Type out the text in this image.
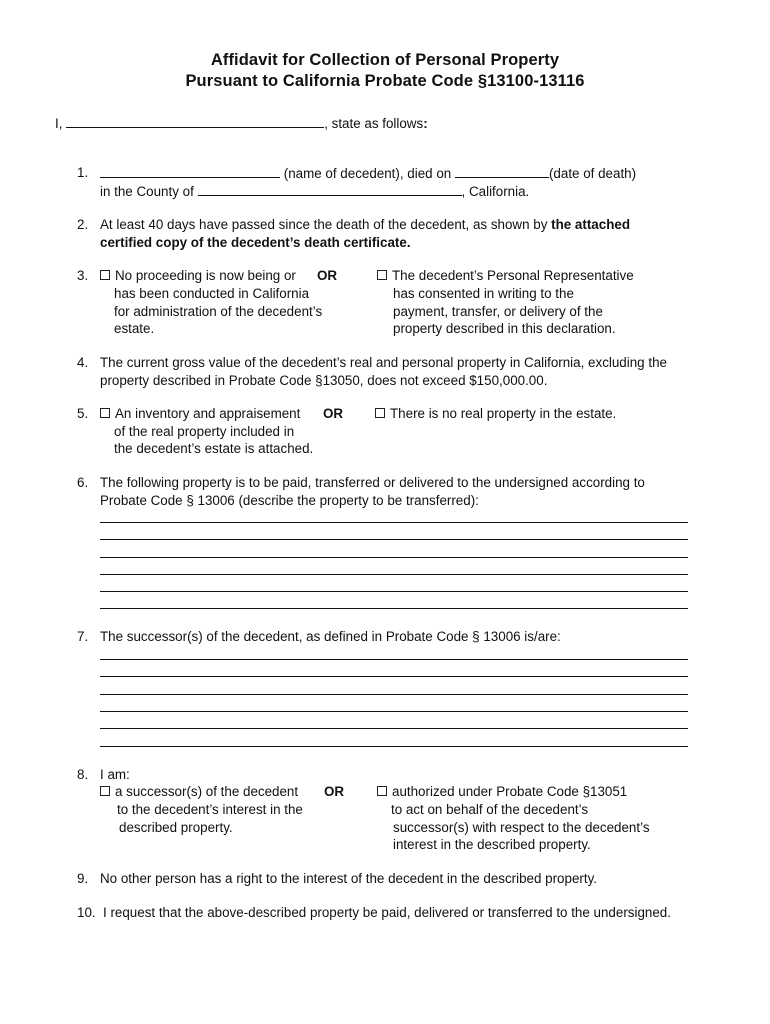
Affidavit for Collection of Personal Property
Pursuant to California Probate Code §13100-13116
I,	, state as follows:
1.	(name of decedent), died on	(date of death)
in the County of	, California.
2. At least 40 days have passed since the death of the decedent, as shown by the attached
certified copy of the decedent’s death certificate.
3.	No proceeding is now being or
has been conducted in California
for administration of the decedent’s
estate.
OR	The decedent’s Personal Representative
has consented in writing to the
payment, transfer, or delivery of the
property described in this declaration.
4. The current gross value of the decedent’s real and personal property in California, excluding the
property described in Probate Code §13050, does not exceed $150,000.00.
5.	An inventory and appraisement
of the real property included in
the decedent’s estate is attached.
OR	There is no real property in the estate.
6. The following property is to be paid, transferred or delivered to the undersigned according to
Probate Code § 13006 (describe the property to be transferred):
7. The successor(s) of the decedent, as defined in Probate Code § 13006 is/are:
8. I am:
a successor(s) of the decedent
to the decedent’s interest in the
described property.
OR	authorized under Probate Code §13051
to act on behalf of the decedent’s
successor(s) with respect to the decedent’s
interest in the described property.
9. No other person has a right to the interest of the decedent in the described property.
10. I request that the above-described property be paid, delivered or transferred to the undersigned.
